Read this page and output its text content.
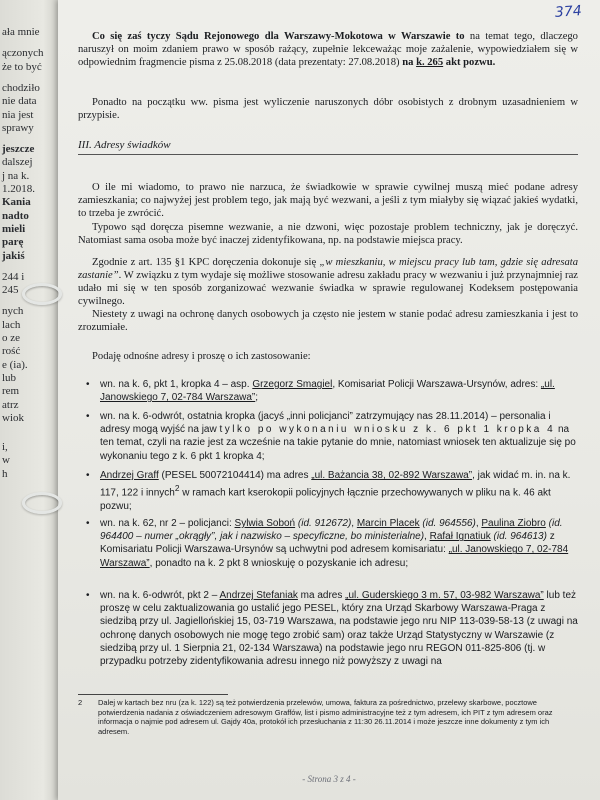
ała mnie
ączonych
że to być
chodziło
nie data
nia jest
sprawy
jeszcze
dalszej
j na k.
1.2018.
Kania
nadto
mieli
parę
jakiś
244 i
245
nych
lach
o ze
rość
e (ia).
lub
rem
atrz
wiok
i,
w
h
374
Co się zaś tyczy Sądu Rejonowego dla Warszawy-Mokotowa w Warszawie to na temat tego, dlaczego naruszył on moim zdaniem prawo w sposób rażący, zupełnie lekceważąc moje zażalenie, wypowiedziałem się w odpowiednim fragmencie pisma z 25.08.2018 (data prezentaty: 27.08.2018) na k. 265 akt pozwu.
Ponadto na początku ww. pisma jest wyliczenie naruszonych dóbr osobistych z drobnym uzasadnieniem w przypisie.
III. Adresy świadków
O ile mi wiadomo, to prawo nie narzuca, że świadkowie w sprawie cywilnej muszą mieć podane adresy zamieszkania; co najwyżej jest problem tego, jak mają być wezwani, a jeśli z tym miałyby się wiązać jakieś wydatki, to trzeba je zwrócić.
Typowo sąd doręcza pisemne wezwanie, a nie dzwoni, więc pozostaje problem techniczny, jak je doręczyć. Natomiast sama osoba może być inaczej zidentyfikowana, np. na podstawie miejsca pracy.
Zgodnie z art. 135 §1 KPC doręczenia dokonuje się „w mieszkaniu, w miejscu pracy lub tam, gdzie się adresata zastanie”. W związku z tym wydaje się możliwe stosowanie adresu zakładu pracy w wezwaniu i już przynajmniej raz udało mi się w ten sposób zorganizować wezwanie świadka w sprawie regulowanej Kodeksem postępowania cywilnego.
Niestety z uwagi na ochronę danych osobowych ja często nie jestem w stanie podać adresu zamieszkania i jest to zrozumiałe.
Podaję odnośne adresy i proszę o ich zastosowanie:
• wn. na k. 6, pkt 1, kropka 4 – asp. Grzegorz Smagiel, Komisariat Policji Warszawa-Ursynów, adres: „ul. Janowskiego 7, 02-784 Warszawa”;
• wn. na k. 6-odwrót, ostatnia kropka (jacyś „inni policjanci” zatrzymujący nas 28.11.2014) – personalia i adresy mogą wyjść na jaw tylko po wykonaniu wniosku z k. 6 pkt 1 kropka 4 na ten temat, czyli na razie jest za wcześnie na takie pytanie do mnie, natomiast wniosek ten aktualizuje się po wykonaniu tego z k. 6 pkt 1 kropka 4;
• Andrzej Graff (PESEL 50072104414) ma adres „ul. Bażancia 38, 02-892 Warszawa”, jak widać m. in. na k. 117, 122 i innych$^2$ w ramach kart kserokopii policyjnych łącznie przechowywanych w pliku na k. 46 akt pozwu;
• wn. na k. 62, nr 2 – policjanci: Sylwia Soboń (id. 912672), Marcin Placek (id. 964556), Paulina Ziobro (id. 964400 – numer „okrągły”, jak i nazwisko – specyficzne, bo ministerialne), Rafał Ignatiuk (id. 964613) z Komisariatu Policji Warszawa-Ursynów są uchwytni pod adresem komisariatu: „ul. Janowskiego 7, 02-784 Warszawa”, ponadto na k. 2 pkt 8 wnioskuję o pozyskanie ich adresu;
• wn. na k. 6-odwrót, pkt 2 – Andrzej Stefaniak ma adres „ul. Guderskiego 3 m. 57, 03-982 Warszawa” lub też proszę w celu zaktualizowania go ustalić jego PESEL, który zna Urząd Skarbowy Warszawa-Praga z siedzibą przy ul. Jagiellońskiej 15, 03-719 Warszawa, na podstawie jego nru NIP 113-039-58-13 (z uwagi na ochronę danych osobowych nie mogę tego zrobić sam) oraz także Urząd Statystyczny w Warszawie (z siedzibą przy ul. 1 Sierpnia 21, 02-134 Warszawa) na podstawie jego nru REGON 011-825-806 (tj. w przypadku potrzeby zidentyfikowania adresu innego niż powyższy z uwagi na
2	Dalej w kartach bez nru (za k. 122) są też potwierdzenia przelewów, umowa, faktura za pośrednictwo, przelewy skarbowe, pocztowe potwierdzenia nadania z oświadczeniem adresowym Graffów, list i pismo administracyjne też z tym adresem, ich PIT z tym adresem oraz informacja o najmie pod adresem ul. Gajdy 40a, protokół ich przesłuchania z 11:30 26.11.2014 i może jeszcze inne dokumenty z tym ich adresem.
- Strona 3 z 4 -
